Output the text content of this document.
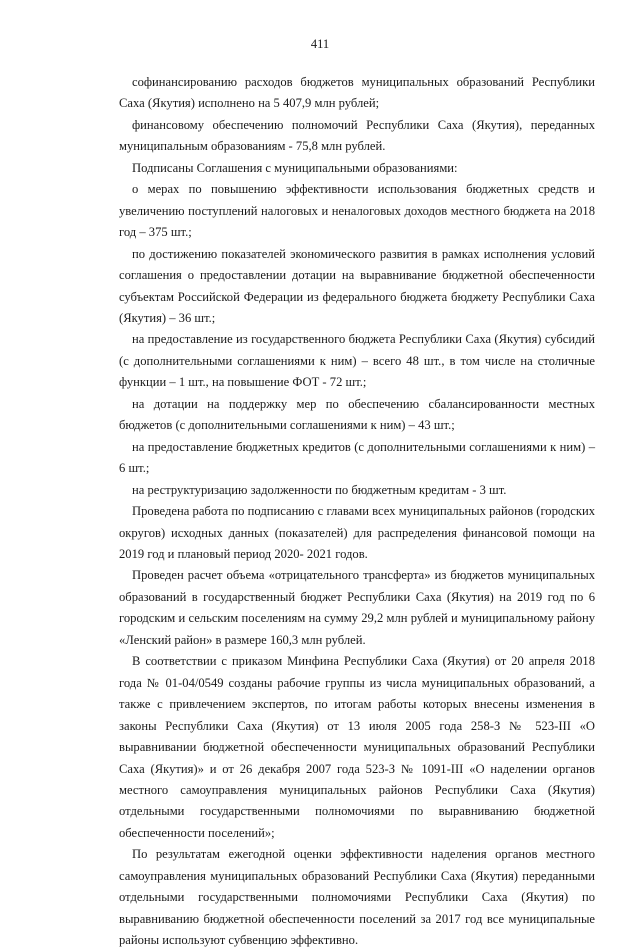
411

софинансированию расходов бюджетов муниципальных образований Республики Саха (Якутия) исполнено на 5 407,9 млн рублей;

финансовому обеспечению полномочий Республики Саха (Якутия), переданных муниципальным образованиям - 75,8 млн рублей.

Подписаны Соглашения с муниципальными образованиями:

о мерах по повышению эффективности использования бюджетных средств и увеличению поступлений налоговых и неналоговых доходов местного бюджета на 2018 год – 375 шт.;

по достижению показателей экономического развития в рамках исполнения условий соглашения о предоставлении дотации на выравнивание бюджетной обеспеченности субъектам Российской Федерации из федерального бюджета бюджету Республики Саха (Якутия) – 36 шт.;

на предоставление из государственного бюджета Республики Саха (Якутия) субсидий (с дополнительными соглашениями к ним) – всего 48 шт., в том числе на столичные функции – 1 шт., на повышение ФОТ - 72 шт.;

на дотации на поддержку мер по обеспечению сбалансированности местных бюджетов (с дополнительными соглашениями к ним) – 43 шт.;

на предоставление бюджетных кредитов (с дополнительными соглашениями к ним) – 6 шт.;

на реструктуризацию задолженности по бюджетным кредитам - 3 шт.

Проведена работа по подписанию с главами всех муниципальных районов (городских округов) исходных данных (показателей) для распределения финансовой помощи на 2019 год и плановый период 2020- 2021 годов.

Проведен расчет объема «отрицательного трансферта» из бюджетов муниципальных образований в государственный бюджет Республики Саха (Якутия) на 2019 год по 6 городским и сельским поселениям на сумму 29,2 млн рублей и муниципальному району «Ленский район» в размере 160,3 млн рублей.

В соответствии с приказом Минфина Республики Саха (Якутия) от 20 апреля 2018 года № 01-04/0549 созданы рабочие группы из числа муниципальных образований, а также с привлечением экспертов, по итогам работы которых внесены изменения в законы Республики Саха (Якутия) от 13 июля 2005 года 258-З № 523-III «О выравнивании бюджетной обеспеченности муниципальных образований Республики Саха (Якутия)» и от 26 декабря 2007 года 523-З № 1091-III «О наделении органов местного самоуправления муниципальных районов Республики Саха (Якутия) отдельными государственными полномочиями по выравниванию бюджетной обеспеченности поселений»;

По результатам ежегодной оценки эффективности наделения органов местного самоуправления муниципальных образований Республики Саха (Якутия) переданными отдельными государственными полномочиями Республики Саха (Якутия) по выравниванию бюджетной обеспеченности поселений за 2017 год все муниципальные районы используют субвенцию эффективно.
